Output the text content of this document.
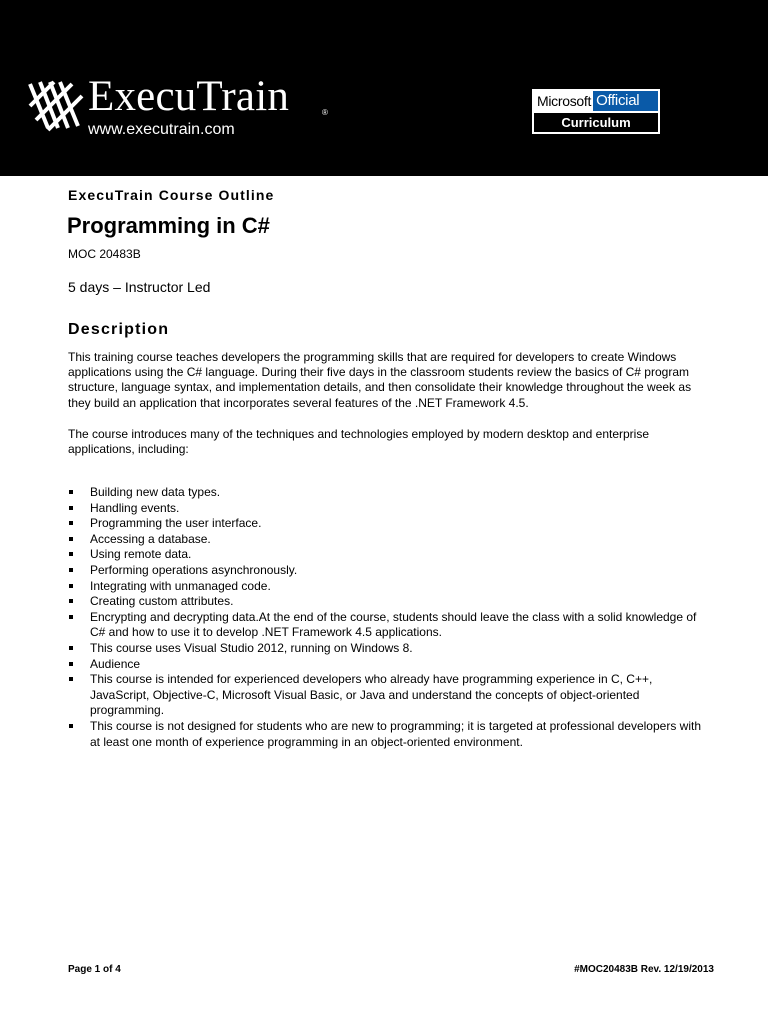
ExecuTrain	®
www.executrain.com
Microsoft Official
Curriculum
ExecuTrain Course Outline
Programming in C#
MOC 20483B
5 days – Instructor Led
Description

This training course teaches developers the programming skills that are required for developers to create Windows applications using the C# language. During their five days in the classroom students review the basics of C# program structure, language syntax, and implementation details, and then consolidate their knowledge throughout the week as they build an application that incorporates several features of the .NET Framework 4.5.

The course introduces many of the techniques and technologies employed by modern desktop and enterprise applications, including:

Building new data types.
Handling events.
Programming the user interface.
Accessing a database.
Using remote data.
Performing operations asynchronously.
Integrating with unmanaged code.
Creating custom attributes.
Encrypting and decrypting data.At the end of the course, students should leave the class with a solid knowledge of C# and how to use it to develop .NET Framework 4.5 applications.
This course uses Visual Studio 2012, running on Windows 8.
Audience
This course is intended for experienced developers who already have programming experience in C, C++, JavaScript, Objective-C, Microsoft Visual Basic, or Java and understand the concepts of object-oriented programming.
This course is not designed for students who are new to programming; it is targeted at professional developers with at least one month of experience programming in an object-oriented environment.
Page 1 of 4	#MOC20483B Rev. 12/19/2013
